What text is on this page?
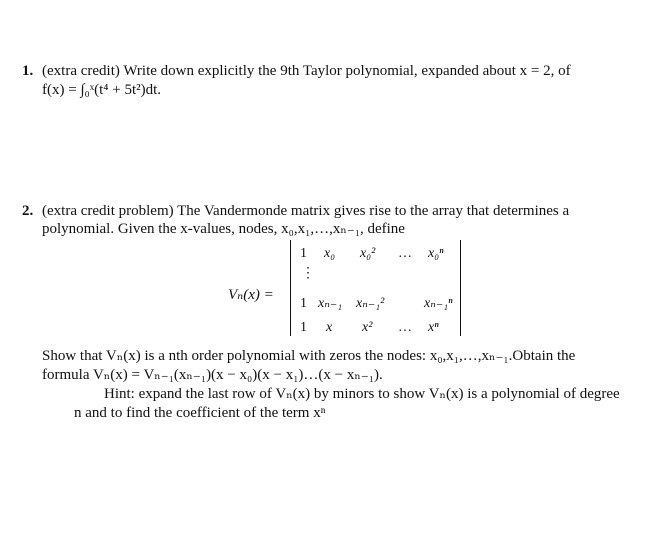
1. (extra credit) Write down explicitly the 9th Taylor polynomial, expanded about x = 2, of
f(x) = ∫₀ˣ(t⁴ + 5t²)dt.
2. (extra credit problem) The Vandermonde matrix gives rise to the array that determines a
polynomial. Given the x-values, nodes, x₀,x₁,…,xₙ₋₁, define
Vₙ(x) =
1 x₀ x₀² … x₀ⁿ
⋮
1 xₙ₋₁ xₙ₋₁²	xₙ₋₁ⁿ
1 x x² … xⁿ
Show that Vₙ(x) is a nth order polynomial with zeros the nodes: x₀,x₁,…,xₙ₋₁.Obtain the
formula Vₙ(x) = Vₙ₋₁(xₙ₋₁)(x − x₀)(x − x₁)…(x − xₙ₋₁).
Hint: expand the last row of Vₙ(x) by minors to show Vₙ(x) is a polynomial of degree
n and to find the coefficient of the term xⁿ
